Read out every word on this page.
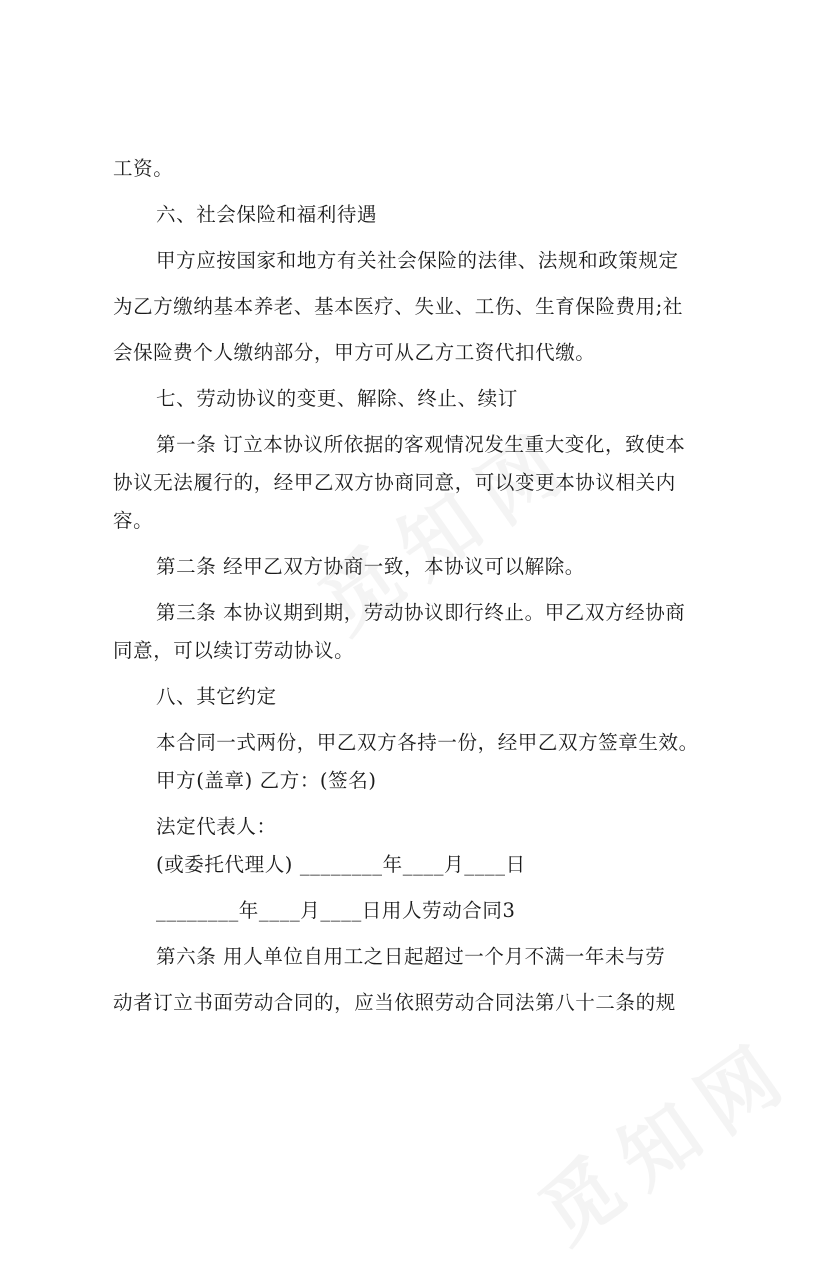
工资。
六、社会保险和福利待遇
甲方应按国家和地方有关社会保险的法律、法规和政策规定
为乙方缴纳基本养老、基本医疗、失业、工伤、生育保险费用;社
会保险费个人缴纳部分，甲方可从乙方工资代扣代缴。
七、劳动协议的变更、解除、终止、续订
第一条 订立本协议所依据的客观情况发生重大变化，致使本
协议无法履行的，经甲乙双方协商同意，可以变更本协议相关内
容。
第二条 经甲乙双方协商一致，本协议可以解除。
第三条 本协议期到期，劳动协议即行终止。甲乙双方经协商
同意，可以续订劳动协议。
八、其它约定
本合同一式两份，甲乙双方各持一份，经甲乙双方签章生效。
甲方(盖章) 乙方：(签名)
法定代表人：
(或委托代理人) ________年____月____日
________年____月____日用人劳动合同3
第六条 用人单位自用工之日起超过一个月不满一年未与劳
动者订立书面劳动合同的，应当依照劳动合同法第八十二条的规
